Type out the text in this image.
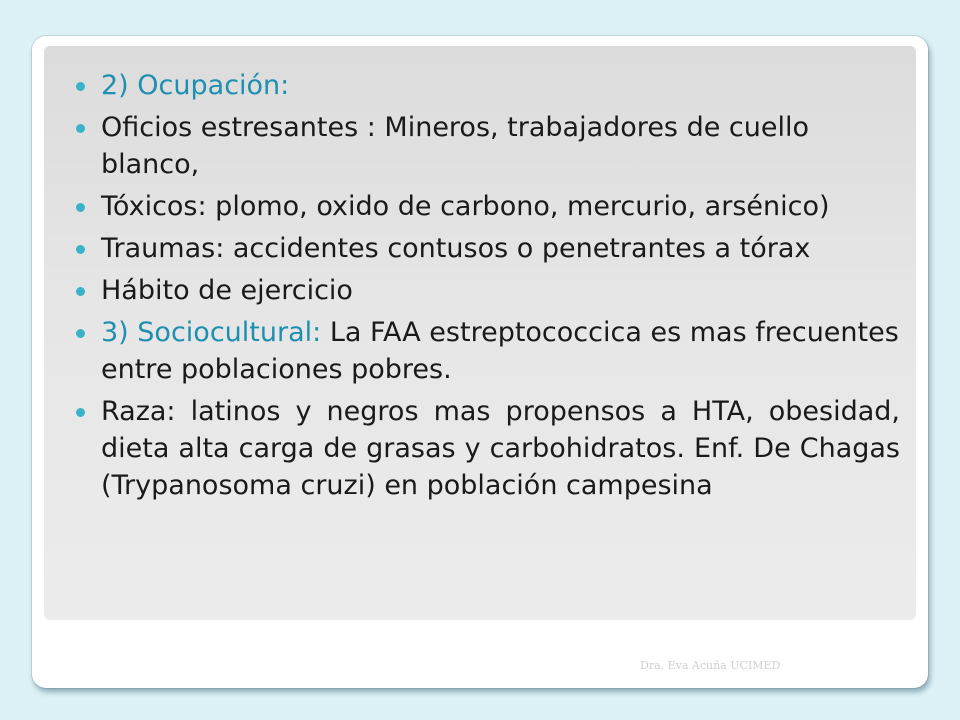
2) Ocupación:
Oficios estresantes : Mineros, trabajadores de cuello blanco,
Tóxicos: plomo, oxido de carbono, mercurio, arsénico)
Traumas: accidentes contusos o penetrantes a tórax
Hábito de ejercicio
3) Sociocultural: La FAA estreptococcica es mas frecuentes entre poblaciones pobres.
Raza: latinos y negros mas propensos a HTA, obesidad, dieta alta carga de grasas y carbohidratos. Enf. De Chagas (Trypanosoma cruzi) en población campesina
Dra. Eva Acuña UCIMED
